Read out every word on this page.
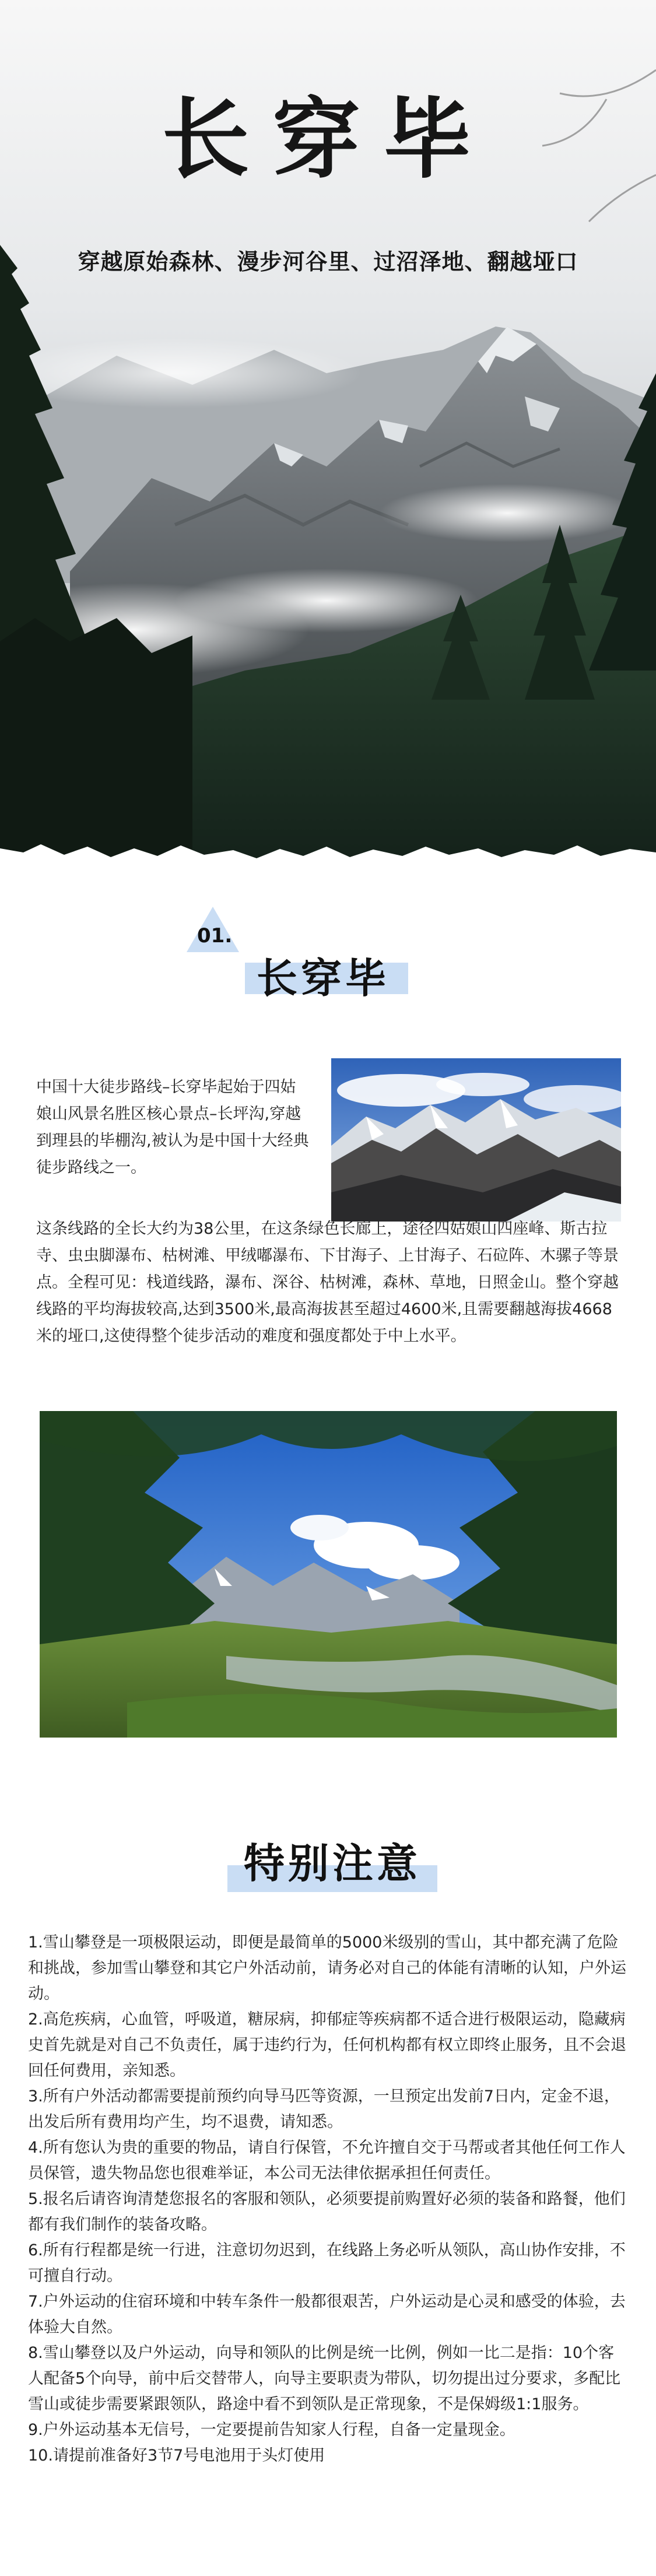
长穿毕
穿越原始森林、漫步河谷里、过沼泽地、翻越垭口
01.
长穿毕

中国十大徒步路线–长穿毕起始于四姑娘山风景名胜区核心景点–长坪沟,穿越到理县的毕棚沟,被认为是中国十大经典徒步路线之一。

这条线路的全长大约为38公里，在这条绿色长廊上，途径四姑娘山四座峰、斯古拉寺、虫虫脚瀑布、枯树滩、甲绒嘟瀑布、下甘海子、上甘海子、石砬阵、木骡子等景点。全程可见：栈道线路，瀑布、深谷、枯树滩，森林、草地，日照金山。整个穿越线路的平均海拔较高,达到3500米,最高海拔甚至超过4600米,且需要翻越海拔4668米的垭口,这使得整个徒步活动的难度和强度都处于中上水平。

特别注意
1.雪山攀登是一项极限运动，即便是最简单的5000米级别的雪山，其中都充满了危险和挑战，参加雪山攀登和其它户外活动前，请务必对自己的体能有清晰的认知，户外运动。
2.高危疾病，心血管，呼吸道，糖尿病，抑郁症等疾病都不适合进行极限运动，隐藏病史首先就是对自己不负责任，属于违约行为，任何机构都有权立即终止服务，且不会退回任何费用，亲知悉。
3.所有户外活动都需要提前预约向导马匹等资源，一旦预定出发前7日内，定金不退，出发后所有费用均产生，均不退费，请知悉。
4.所有您认为贵的重要的物品，请自行保管，不允许擅自交于马帮或者其他任何工作人员保管，遗失物品您也很难举证，本公司无法律依据承担任何责任。
5.报名后请咨询清楚您报名的客服和领队，必须要提前购置好必须的装备和路餐，他们都有我们制作的装备攻略。
6.所有行程都是统一行进，注意切勿迟到，在线路上务必听从领队，高山协作安排，不可擅自行动。
7.户外运动的住宿环境和中转车条件一般都很艰苦，户外运动是心灵和感受的体验，去体验大自然。
8.雪山攀登以及户外运动，向导和领队的比例是统一比例，例如一比二是指：10个客人配备5个向导，前中后交替带人，向导主要职责为带队，切勿提出过分要求，多配比雪山或徒步需要紧跟领队，路途中看不到领队是正常现象，不是保姆级1:1服务。
9.户外运动基本无信号，一定要提前告知家人行程，自备一定量现金。
10.请提前准备好3节7号电池用于头灯使用
